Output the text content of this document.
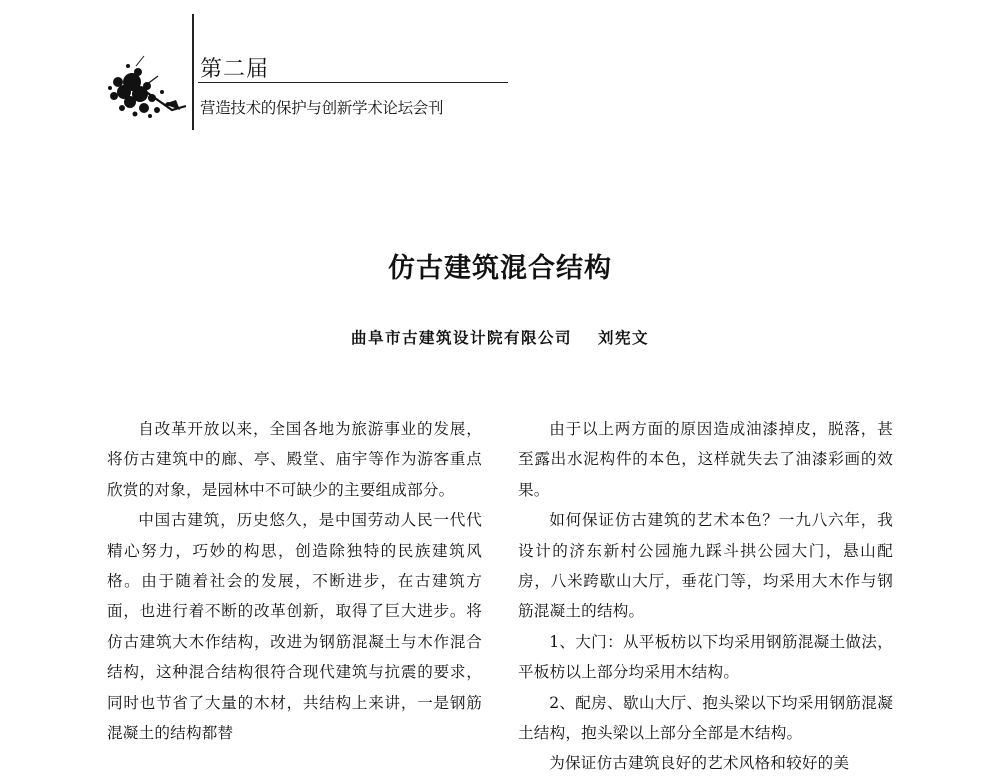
第二届
营造技术的保护与创新学术论坛会刊
仿古建筑混合结构
曲阜市古建筑设计院有限公司 刘宪文

自改革开放以来，全国各地为旅游事业的发展，将仿古建筑中的廊、亭、殿堂、庙宇等作为游客重点欣赏的对象，是园林中不可缺少的主要组成部分。

中国古建筑，历史悠久，是中国劳动人民一代代精心努力，巧妙的构思，创造除独特的民族建筑风格。由于随着社会的发展，不断进步，在古建筑方面，也进行着不断的改革创新，取得了巨大进步。将仿古建筑大木作结构，改进为钢筋混凝土与木作混合结构，这种混合结构很符合现代建筑与抗震的要求，同时也节省了大量的木材，共结构上来讲，一是钢筋混凝土的结构都替

由于以上两方面的原因造成油漆掉皮，脱落，甚至露出水泥构件的本色，这样就失去了油漆彩画的效果。

如何保证仿古建筑的艺术本色？一九八六年，我设计的济东新村公园施九踩斗拱公园大门，悬山配房，八米跨歇山大厅，垂花门等，均采用大木作与钢筋混凝土的结构。

1、大门：从平板枋以下均采用钢筋混凝土做法，平板枋以上部分均采用木结构。

2、配房、歇山大厅、抱头梁以下均采用钢筋混凝土结构，抱头梁以上部分全部是木结构。

为保证仿古建筑良好的艺术风格和较好的美
